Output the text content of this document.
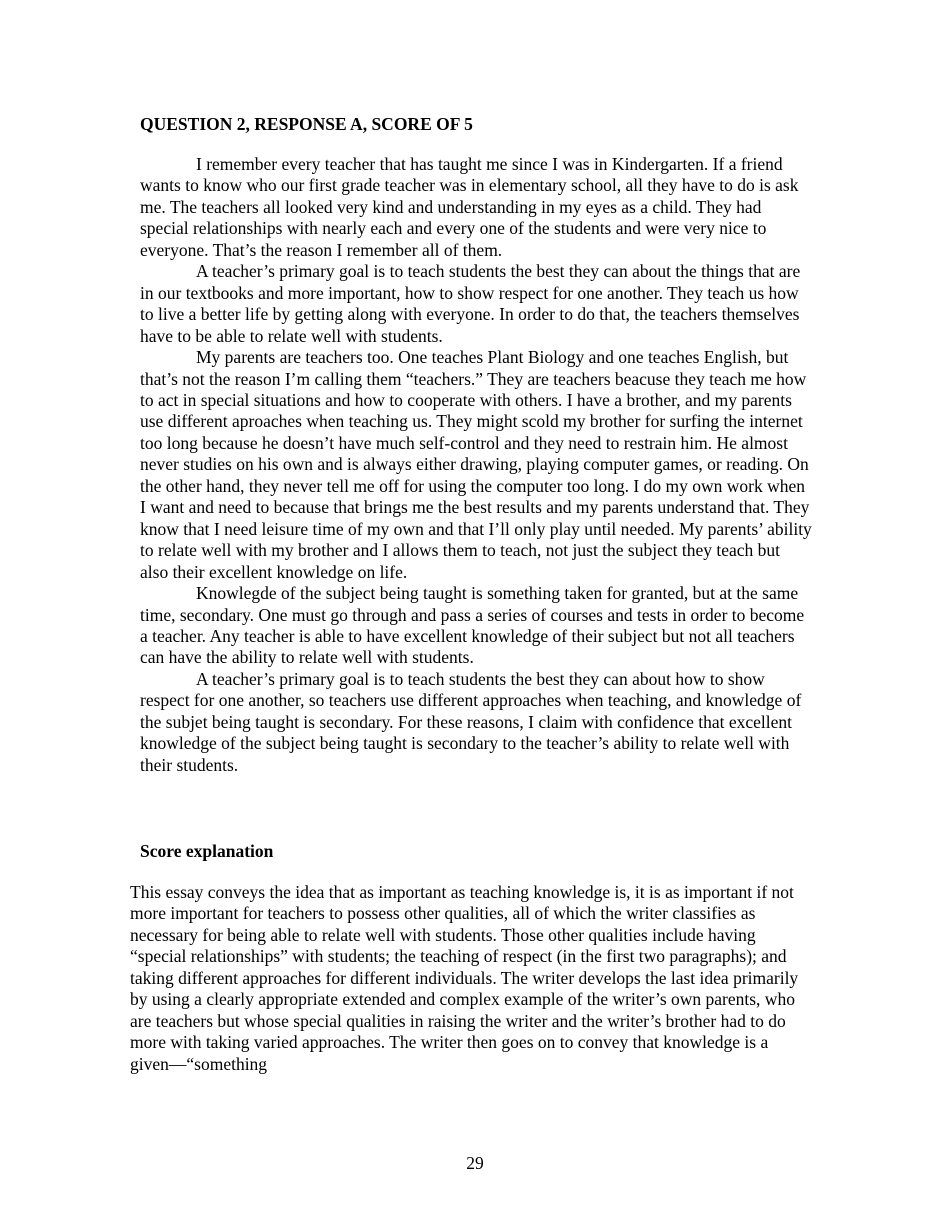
QUESTION 2, RESPONSE A, SCORE OF 5

I remember every teacher that has taught me since I was in Kindergarten. If a friend wants to know who our first grade teacher was in elementary school, all they have to do is ask me. The teachers all looked very kind and understanding in my eyes as a child. They had special relationships with nearly each and every one of the students and were very nice to everyone. That’s the reason I remember all of them.

A teacher’s primary goal is to teach students the best they can about the things that are in our textbooks and more important, how to show respect for one another. They teach us how to live a better life by getting along with everyone. In order to do that, the teachers themselves have to be able to relate well with students.

My parents are teachers too. One teaches Plant Biology and one teaches English, but that’s not the reason I’m calling them “teachers.” They are teachers beacuse they teach me how to act in special situations and how to cooperate with others. I have a brother, and my parents use different aproaches when teaching us. They might scold my brother for surfing the internet too long because he doesn’t have much self-control and they need to restrain him. He almost never studies on his own and is always either drawing, playing computer games, or reading. On the other hand, they never tell me off for using the computer too long. I do my own work when I want and need to because that brings me the best results and my parents understand that. They know that I need leisure time of my own and that I’ll only play until needed. My parents’ ability to relate well with my brother and I allows them to teach, not just the subject they teach but also their excellent knowledge on life.

Knowlegde of the subject being taught is something taken for granted, but at the same time, secondary. One must go through and pass a series of courses and tests in order to become a teacher. Any teacher is able to have excellent knowledge of their subject but not all teachers can have the ability to relate well with students.

A teacher’s primary goal is to teach students the best they can about how to show respect for one another, so teachers use different approaches when teaching, and knowledge of the subjet being taught is secondary. For these reasons, I claim with confidence that excellent knowledge of the subject being taught is secondary to the teacher’s ability to relate well with their students.

Score explanation

This essay conveys the idea that as important as teaching knowledge is, it is as important if not more important for teachers to possess other qualities, all of which the writer classifies as necessary for being able to relate well with students. Those other qualities include having “special relationships” with students; the teaching of respect (in the first two paragraphs); and taking different approaches for different individuals. The writer develops the last idea primarily by using a clearly appropriate extended and complex example of the writer’s own parents, who are teachers but whose special qualities in raising the writer and the writer’s brother had to do more with taking varied approaches. The writer then goes on to convey that knowledge is a given—“something

29
